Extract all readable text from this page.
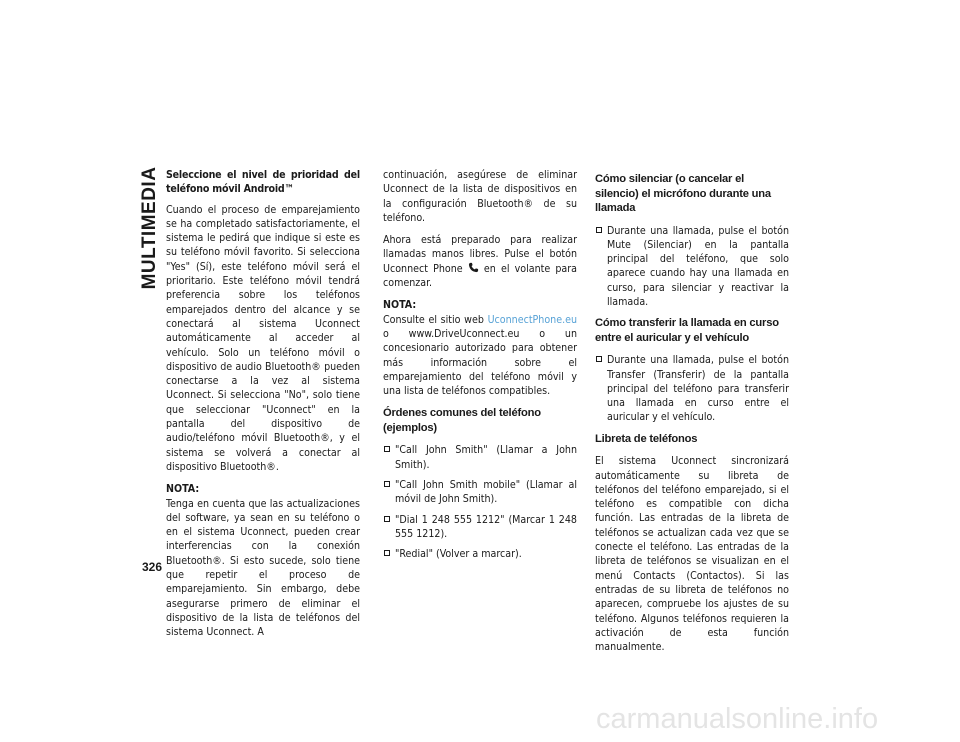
MULTIMEDIA Seleccione el nivel de prioridad del teléfono móvil Android™

Cuando el proceso de emparejamiento se ha completado satisfactoriamente, el sistema le pedirá que indique si este es su teléfono móvil favorito. Si selecciona "Yes" (Sí), este teléfono móvil será el prioritario. Este teléfono móvil tendrá preferencia sobre los teléfonos emparejados dentro del alcance y se conectará al sistema Uconnect automáticamente al acceder al vehículo. Solo un teléfono móvil o dispositivo de audio Bluetooth® pueden conectarse a la vez al sistema Uconnect. Si selecciona "No", solo tiene que seleccionar "Uconnect" en la pantalla del dispositivo de audio/teléfono móvil Bluetooth®, y el sistema se volverá a conectar al dispositivo Bluetooth®.

NOTA:
Tenga en cuenta que las actualizaciones del software, ya sean en su teléfono o en el sistema Uconnect, pueden crear interferencias con la conexión Bluetooth®. Si esto sucede, solo tiene que repetir el proceso de emparejamiento. Sin embargo, debe asegurarse primero de eliminar el dispositivo de la lista de teléfonos del sistema Uconnect. A

continuación, asegúrese de eliminar Uconnect de la lista de dispositivos en la configuración Bluetooth® de su teléfono.

Ahora está preparado para realizar llamadas manos libres. Pulse el botón Uconnect Phone en el volante para comenzar.

NOTA:
Consulte el sitio web UconnectPhone.eu o www.DriveUconnect.eu o un concesionario autorizado para obtener más información sobre el emparejamiento del teléfono móvil y una lista de teléfonos compatibles.

Órdenes comunes del teléfono (ejemplos)
"Call John Smith" (Llamar a John Smith).
"Call John Smith mobile" (Llamar al móvil de John Smith).
"Dial 1 248 555 1212" (Marcar 1 248 555 1212).
"Redial" (Volver a marcar).
Cómo silenciar (o cancelar el silencio) el micrófono durante una llamada
Durante una llamada, pulse el botón Mute (Silenciar) en la pantalla principal del teléfono, que solo aparece cuando hay una llamada en curso, para silenciar y reactivar la llamada.
Cómo transferir la llamada en curso entre el auricular y el vehículo
Durante una llamada, pulse el botón Transfer (Transferir) de la pantalla principal del teléfono para transferir una llamada en curso entre el auricular y el vehículo.
Libreta de teléfonos

El sistema Uconnect sincronizará automáticamente su libreta de teléfonos del teléfono emparejado, si el teléfono es compatible con dicha función. Las entradas de la libreta de teléfonos se actualizan cada vez que se conecte el teléfono. Las entradas de la libreta de teléfonos se visualizan en el menú Contacts (Contactos). Si las entradas de su libreta de teléfonos no aparecen, compruebe los ajustes de su teléfono. Algunos teléfonos requieren la activación de esta función manualmente.

326
carmanualsonline.info
